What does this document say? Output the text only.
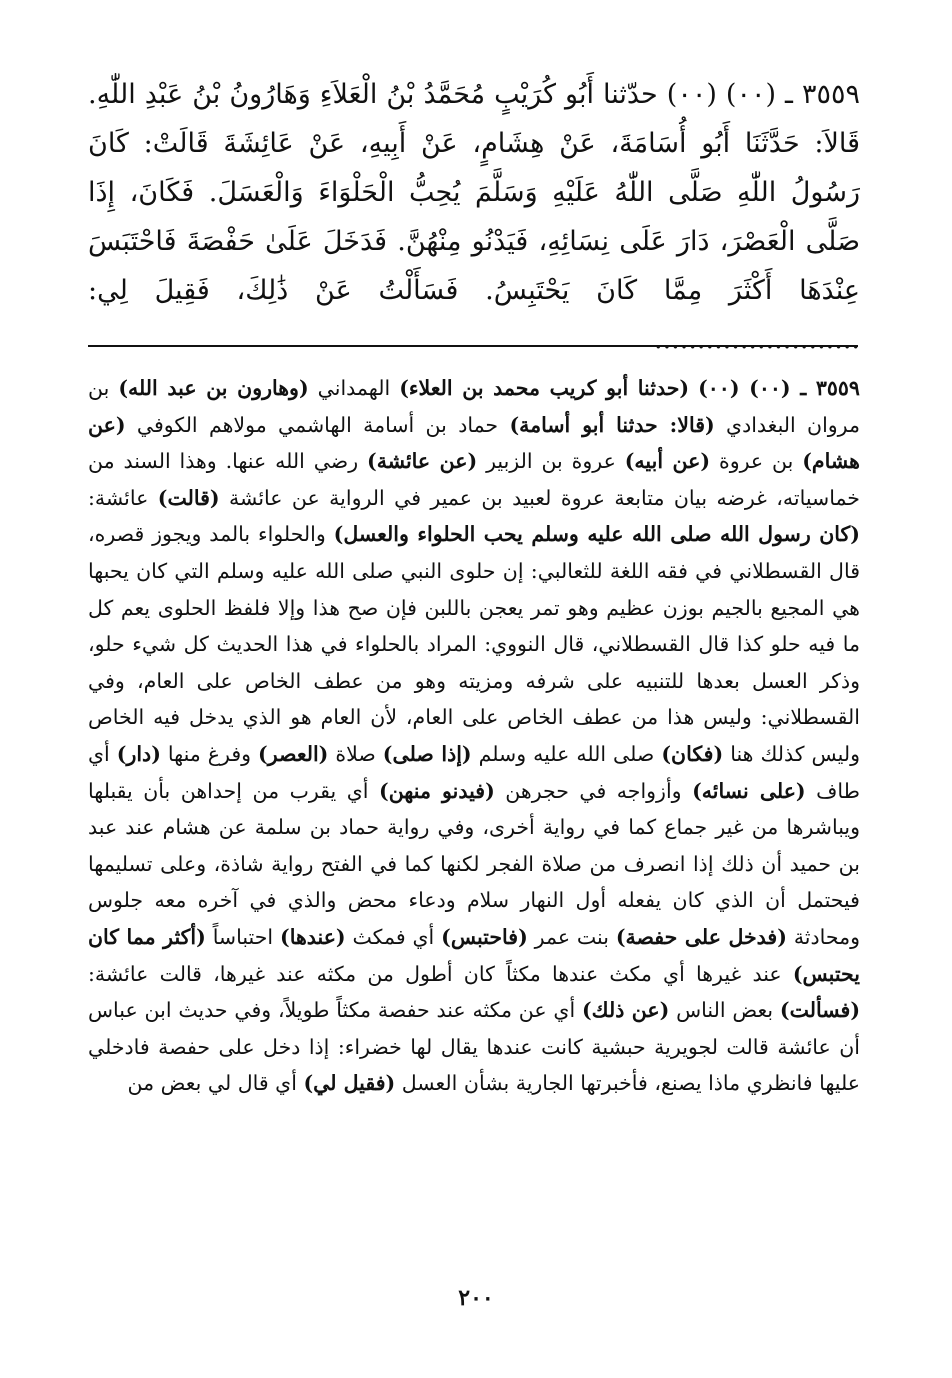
٣٥٥٩ ـ (٠٠) (٠٠) حدّثنا أَبُو كُرَيْبٍ مُحَمَّدُ بْنُ الْعَلاَءِ وَهَارُونُ بْنُ عَبْدِ اللّٰهِ. قَالاَ: حَدَّثَنَا أَبُو أُسَامَةَ، عَنْ هِشَامٍ، عَنْ أَبِيهِ، عَنْ عَائِشَةَ قَالَتْ: كَانَ رَسُولُ اللّٰهِ صَلَّى اللّٰهُ عَلَيْهِ وَسَلَّمَ يُحِبُّ الْحَلْوَاءَ وَالْعَسَلَ. فَكَانَ، إِذَا صَلَّى الْعَصْرَ، دَارَ عَلَى نِسَائِهِ، فَيَدْنُو مِنْهُنَّ. فَدَخَلَ عَلَىٰ حَفْصَةَ فَاحْتَبَسَ عِنْدَهَا أَكْثَرَ مِمَّا كَانَ يَحْتَبِسُ. فَسَأَلْتُ عَنْ ذَٰلِكَ، فَقِيلَ لِي: ........................

٣٥٥٩ ـ (٠٠) (٠٠) (حدثنا أبو كريب محمد بن العلاء) الهمداني (وهارون بن عبد الله) بن مروان البغدادي (قالا: حدثنا أبو أسامة) حماد بن أسامة الهاشمي مولاهم الكوفي (عن هشام) بن عروة (عن أبيه) عروة بن الزبير (عن عائشة) رضي الله عنها. وهذا السند من خماسياته، غرضه بيان متابعة عروة لعبيد بن عمير في الرواية عن عائشة (قالت) عائشة: (كان رسول الله صلى الله عليه وسلم يحب الحلواء والعسل) والحلواء بالمد ويجوز قصره، قال القسطلاني في فقه اللغة للثعالبي: إن حلوى النبي صلى الله عليه وسلم التي كان يحبها هي المجيع بالجيم بوزن عظيم وهو تمر يعجن باللبن فإن صح هذا وإلا فلفظ الحلوى يعم كل ما فيه حلو كذا قال القسطلاني، قال النووي: المراد بالحلواء في هذا الحديث كل شيء حلو، وذكر العسل بعدها للتنبيه على شرفه ومزيته وهو من عطف الخاص على العام، وفي القسطلاني: وليس هذا من عطف الخاص على العام، لأن العام هو الذي يدخل فيه الخاص وليس كذلك هنا (فكان) صلى الله عليه وسلم (إذا صلى) صلاة (العصر) وفرغ منها (دار) أي طاف (على نسائه) وأزواجه في حجرهن (فيدنو منهن) أي يقرب من إحداهن بأن يقبلها ويباشرها من غير جماع كما في رواية أخرى، وفي رواية حماد بن سلمة عن هشام عند عبد بن حميد أن ذلك إذا انصرف من صلاة الفجر لكنها كما في الفتح رواية شاذة، وعلى تسليمها فيحتمل أن الذي كان يفعله أول النهار سلام ودعاء محض والذي في آخره معه جلوس ومحادثة (فدخل على حفصة) بنت عمر (فاحتبس) أي فمكث (عندها) احتباساً (أكثر مما كان يحتبس) عند غيرها أي مكث عندها مكثاً كان أطول من مكثه عند غيرها، قالت عائشة: (فسألت) بعض الناس (عن ذلك) أي عن مكثه عند حفصة مكثاً طويلاً، وفي حديث ابن عباس أن عائشة قالت لجويرية حبشية كانت عندها يقال لها خضراء: إذا دخل على حفصة فادخلي عليها فانظري ماذا يصنع، فأخبرتها الجارية بشأن العسل (فقيل لي) أي قال لي بعض من

٢٠٠
